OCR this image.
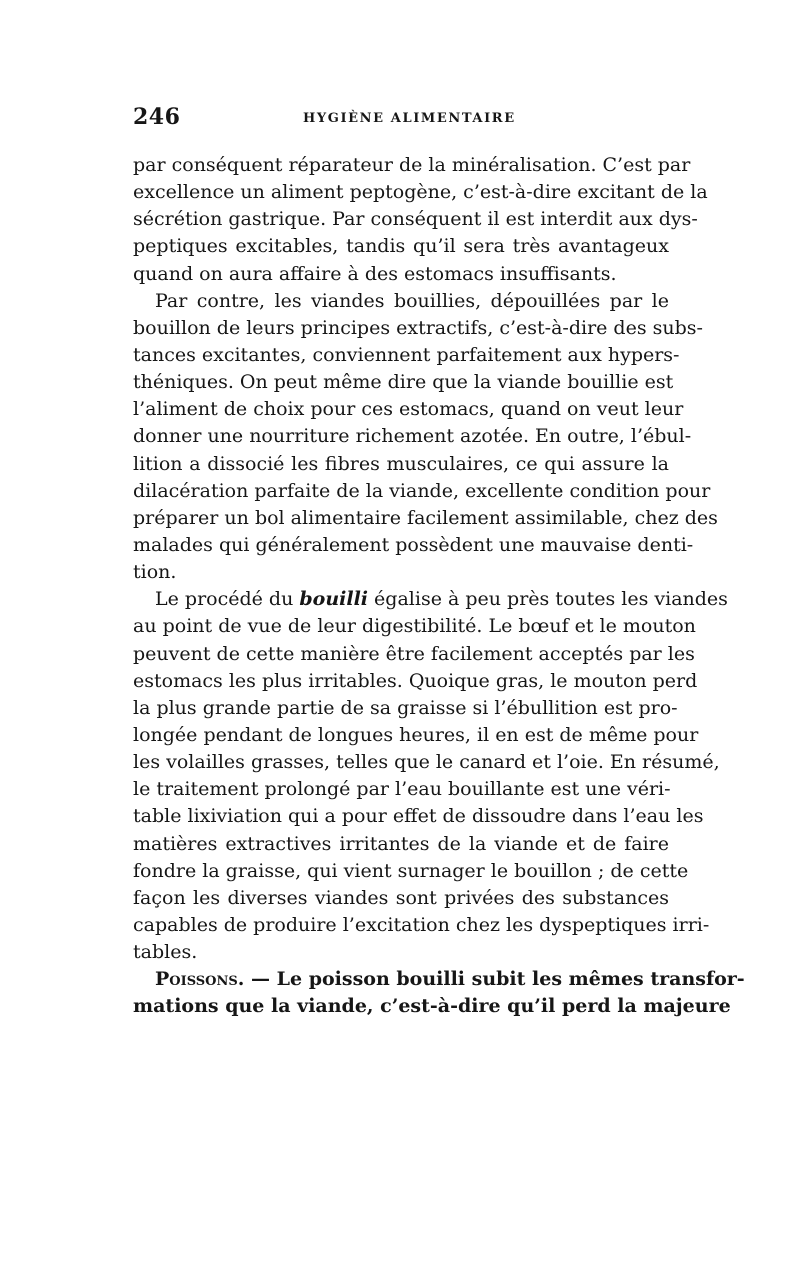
246	HYGIÈNE ALIMENTAIRE
par conséquent réparateur de la minéralisation. C’est par
excellence un aliment peptogène, c’est-à-dire excitant de la
sécrétion gastrique. Par conséquent il est interdit aux dys-
peptiques excitables, tandis qu’il sera très avantageux
quand on aura affaire à des estomacs insuffisants.
Par contre, les viandes bouillies, dépouillées par le
bouillon de leurs principes extractifs, c’est-à-dire des subs-
tances excitantes, conviennent parfaitement aux hypers-
théniques. On peut même dire que la viande bouillie est
l’aliment de choix pour ces estomacs, quand on veut leur
donner une nourriture richement azotée. En outre, l’ébul-
lition a dissocié les fibres musculaires, ce qui assure la
dilacération parfaite de la viande, excellente condition pour
préparer un bol alimentaire facilement assimilable, chez des
malades qui généralement possèdent une mauvaise denti-
tion.
Le procédé du bouilli égalise à peu près toutes les viandes
au point de vue de leur digestibilité. Le bœuf et le mouton
peuvent de cette manière être facilement acceptés par les
estomacs les plus irritables. Quoique gras, le mouton perd
la plus grande partie de sa graisse si l’ébullition est pro-
longée pendant de longues heures, il en est de même pour
les volailles grasses, telles que le canard et l’oie. En résumé,
le traitement prolongé par l’eau bouillante est une véri-
table lixiviation qui a pour effet de dissoudre dans l’eau les
matières extractives irritantes de la viande et de faire
fondre la graisse, qui vient surnager le bouillon ; de cette
façon les diverses viandes sont privées des substances
capables de produire l’excitation chez les dyspeptiques irri-
tables.
Poissons. — Le poisson bouilli subit les mêmes transfor-
mations que la viande, c’est-à-dire qu’il perd la majeure
